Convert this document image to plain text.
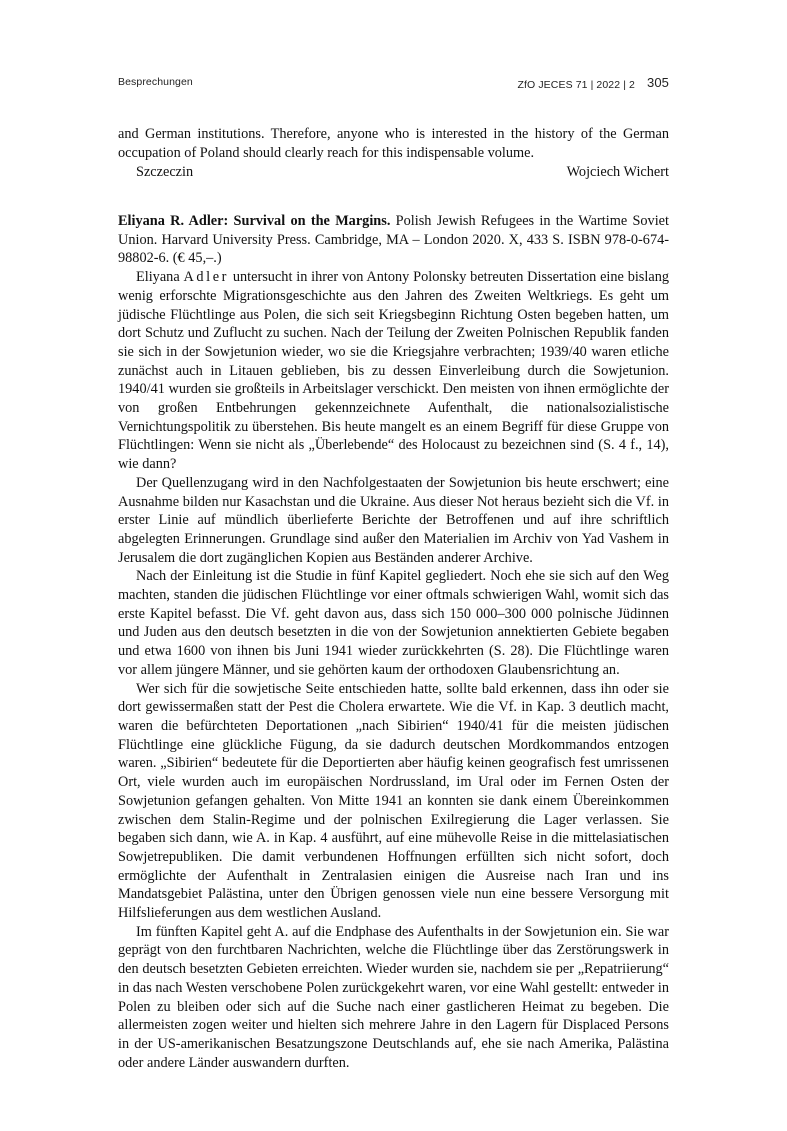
Besprechungen	ZfO JECES 71 | 2022 | 2 305

and German institutions. Therefore, anyone who is interested in the history of the German occupation of Poland should clearly reach for this indispensable volume.

Szczeczin	Wojciech Wichert

Eliyana R. Adler: Survival on the Margins. Polish Jewish Refugees in the Wartime Soviet Union. Harvard University Press. Cambridge, MA – London 2020. X, 433 S. ISBN 978-0-674-98802-6. (€ 45,–.)

Eliyana Adler untersucht in ihrer von Antony Polonsky betreuten Dissertation eine bislang wenig erforschte Migrationsgeschichte aus den Jahren des Zweiten Weltkriegs. Es geht um jüdische Flüchtlinge aus Polen, die sich seit Kriegsbeginn Richtung Osten begeben hatten, um dort Schutz und Zuflucht zu suchen. Nach der Teilung der Zweiten Polnischen Republik fanden sie sich in der Sowjetunion wieder, wo sie die Kriegsjahre verbrachten; 1939/40 waren etliche zunächst auch in Litauen geblieben, bis zu dessen Einverleibung durch die Sowjetunion. 1940/41 wurden sie großteils in Arbeitslager verschickt. Den meisten von ihnen ermöglichte der von großen Entbehrungen gekennzeichnete Aufenthalt, die nationalsozialistische Vernichtungspolitik zu überstehen. Bis heute mangelt es an einem Begriff für diese Gruppe von Flüchtlingen: Wenn sie nicht als „Überlebende“ des Holocaust zu bezeichnen sind (S. 4 f., 14), wie dann?

Der Quellenzugang wird in den Nachfolgestaaten der Sowjetunion bis heute erschwert; eine Ausnahme bilden nur Kasachstan und die Ukraine. Aus dieser Not heraus bezieht sich die Vf. in erster Linie auf mündlich überlieferte Berichte der Betroffenen und auf ihre schriftlich abgelegten Erinnerungen. Grundlage sind außer den Materialien im Archiv von Yad Vashem in Jerusalem die dort zugänglichen Kopien aus Beständen anderer Archive.

Nach der Einleitung ist die Studie in fünf Kapitel gegliedert. Noch ehe sie sich auf den Weg machten, standen die jüdischen Flüchtlinge vor einer oftmals schwierigen Wahl, womit sich das erste Kapitel befasst. Die Vf. geht davon aus, dass sich 150 000–300 000 polnische Jüdinnen und Juden aus den deutsch besetzten in die von der Sowjetunion annektierten Gebiete begaben und etwa 1600 von ihnen bis Juni 1941 wieder zurückkehrten (S. 28). Die Flüchtlinge waren vor allem jüngere Männer, und sie gehörten kaum der orthodoxen Glaubensrichtung an.

Wer sich für die sowjetische Seite entschieden hatte, sollte bald erkennen, dass ihn oder sie dort gewissermaßen statt der Pest die Cholera erwartete. Wie die Vf. in Kap. 3 deutlich macht, waren die befürchteten Deportationen „nach Sibirien“ 1940/41 für die meisten jüdischen Flüchtlinge eine glückliche Fügung, da sie dadurch deutschen Mordkommandos entzogen waren. „Sibirien“ bedeutete für die Deportierten aber häufig keinen geografisch fest umrissenen Ort, viele wurden auch im europäischen Nordrussland, im Ural oder im Fernen Osten der Sowjetunion gefangen gehalten. Von Mitte 1941 an konnten sie dank einem Übereinkommen zwischen dem Stalin-Regime und der polnischen Exilregierung die Lager verlassen. Sie begaben sich dann, wie A. in Kap. 4 ausführt, auf eine mühevolle Reise in die mittelasiatischen Sowjetrepubliken. Die damit verbundenen Hoffnungen erfüllten sich nicht sofort, doch ermöglichte der Aufenthalt in Zentralasien einigen die Ausreise nach Iran und ins Mandatsgebiet Palästina, unter den Übrigen genossen viele nun eine bessere Versorgung mit Hilfslieferungen aus dem westlichen Ausland.

Im fünften Kapitel geht A. auf die Endphase des Aufenthalts in der Sowjetunion ein. Sie war geprägt von den furchtbaren Nachrichten, welche die Flüchtlinge über das Zerstörungswerk in den deutsch besetzten Gebieten erreichten. Wieder wurden sie, nachdem sie per „Repatriierung“ in das nach Westen verschobene Polen zurückgekehrt waren, vor eine Wahl gestellt: entweder in Polen zu bleiben oder sich auf die Suche nach einer gastlicheren Heimat zu begeben. Die allermeisten zogen weiter und hielten sich mehrere Jahre in den Lagern für Displaced Persons in der US-amerikanischen Besatzungszone Deutschlands auf, ehe sie nach Amerika, Palästina oder andere Länder auswandern durften.
